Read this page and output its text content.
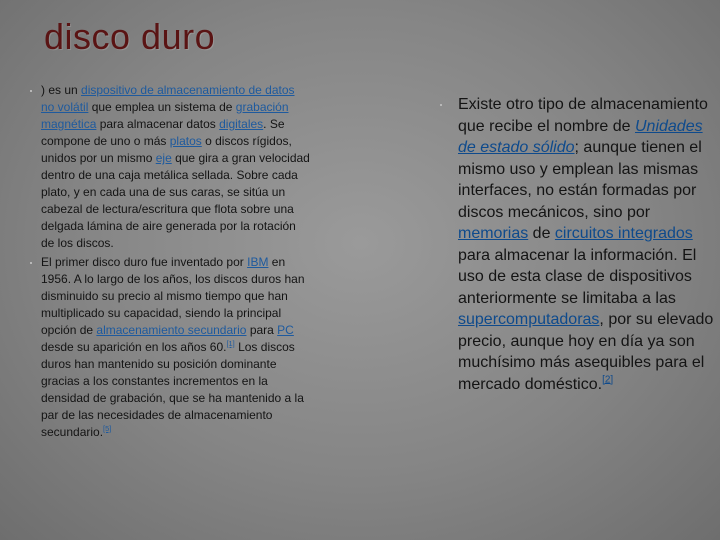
disco duro
) es un dispositivo de almacenamiento de datos no volátil que emplea un sistema de grabación magnética para almacenar datos digitales. Se compone de uno o más platos o discos rígidos, unidos por un mismo eje que gira a gran velocidad dentro de una caja metálica sellada. Sobre cada plato, y en cada una de sus caras, se sitúa un cabezal de lectura/escritura que flota sobre una delgada lámina de aire generada por la rotación de los discos.
El primer disco duro fue inventado por IBM en 1956. A lo largo de los años, los discos duros han disminuido su precio al mismo tiempo que han multiplicado su capacidad, siendo la principal opción de almacenamiento secundario para PC desde su aparición en los años 60.[1] Los discos duros han mantenido su posición dominante gracias a los constantes incrementos en la densidad de grabación, que se ha mantenido a la par de las necesidades de almacenamiento secundario.[5]
Existe otro tipo de almacenamiento que recibe el nombre de Unidades de estado sólido; aunque tienen el mismo uso y emplean las mismas interfaces, no están formadas por discos mecánicos, sino por memorias de circuitos integrados para almacenar la información. El uso de esta clase de dispositivos anteriormente se limitaba a las supercomputadoras, por su elevado precio, aunque hoy en día ya son muchísimo más asequibles para el mercado doméstico.[2]
